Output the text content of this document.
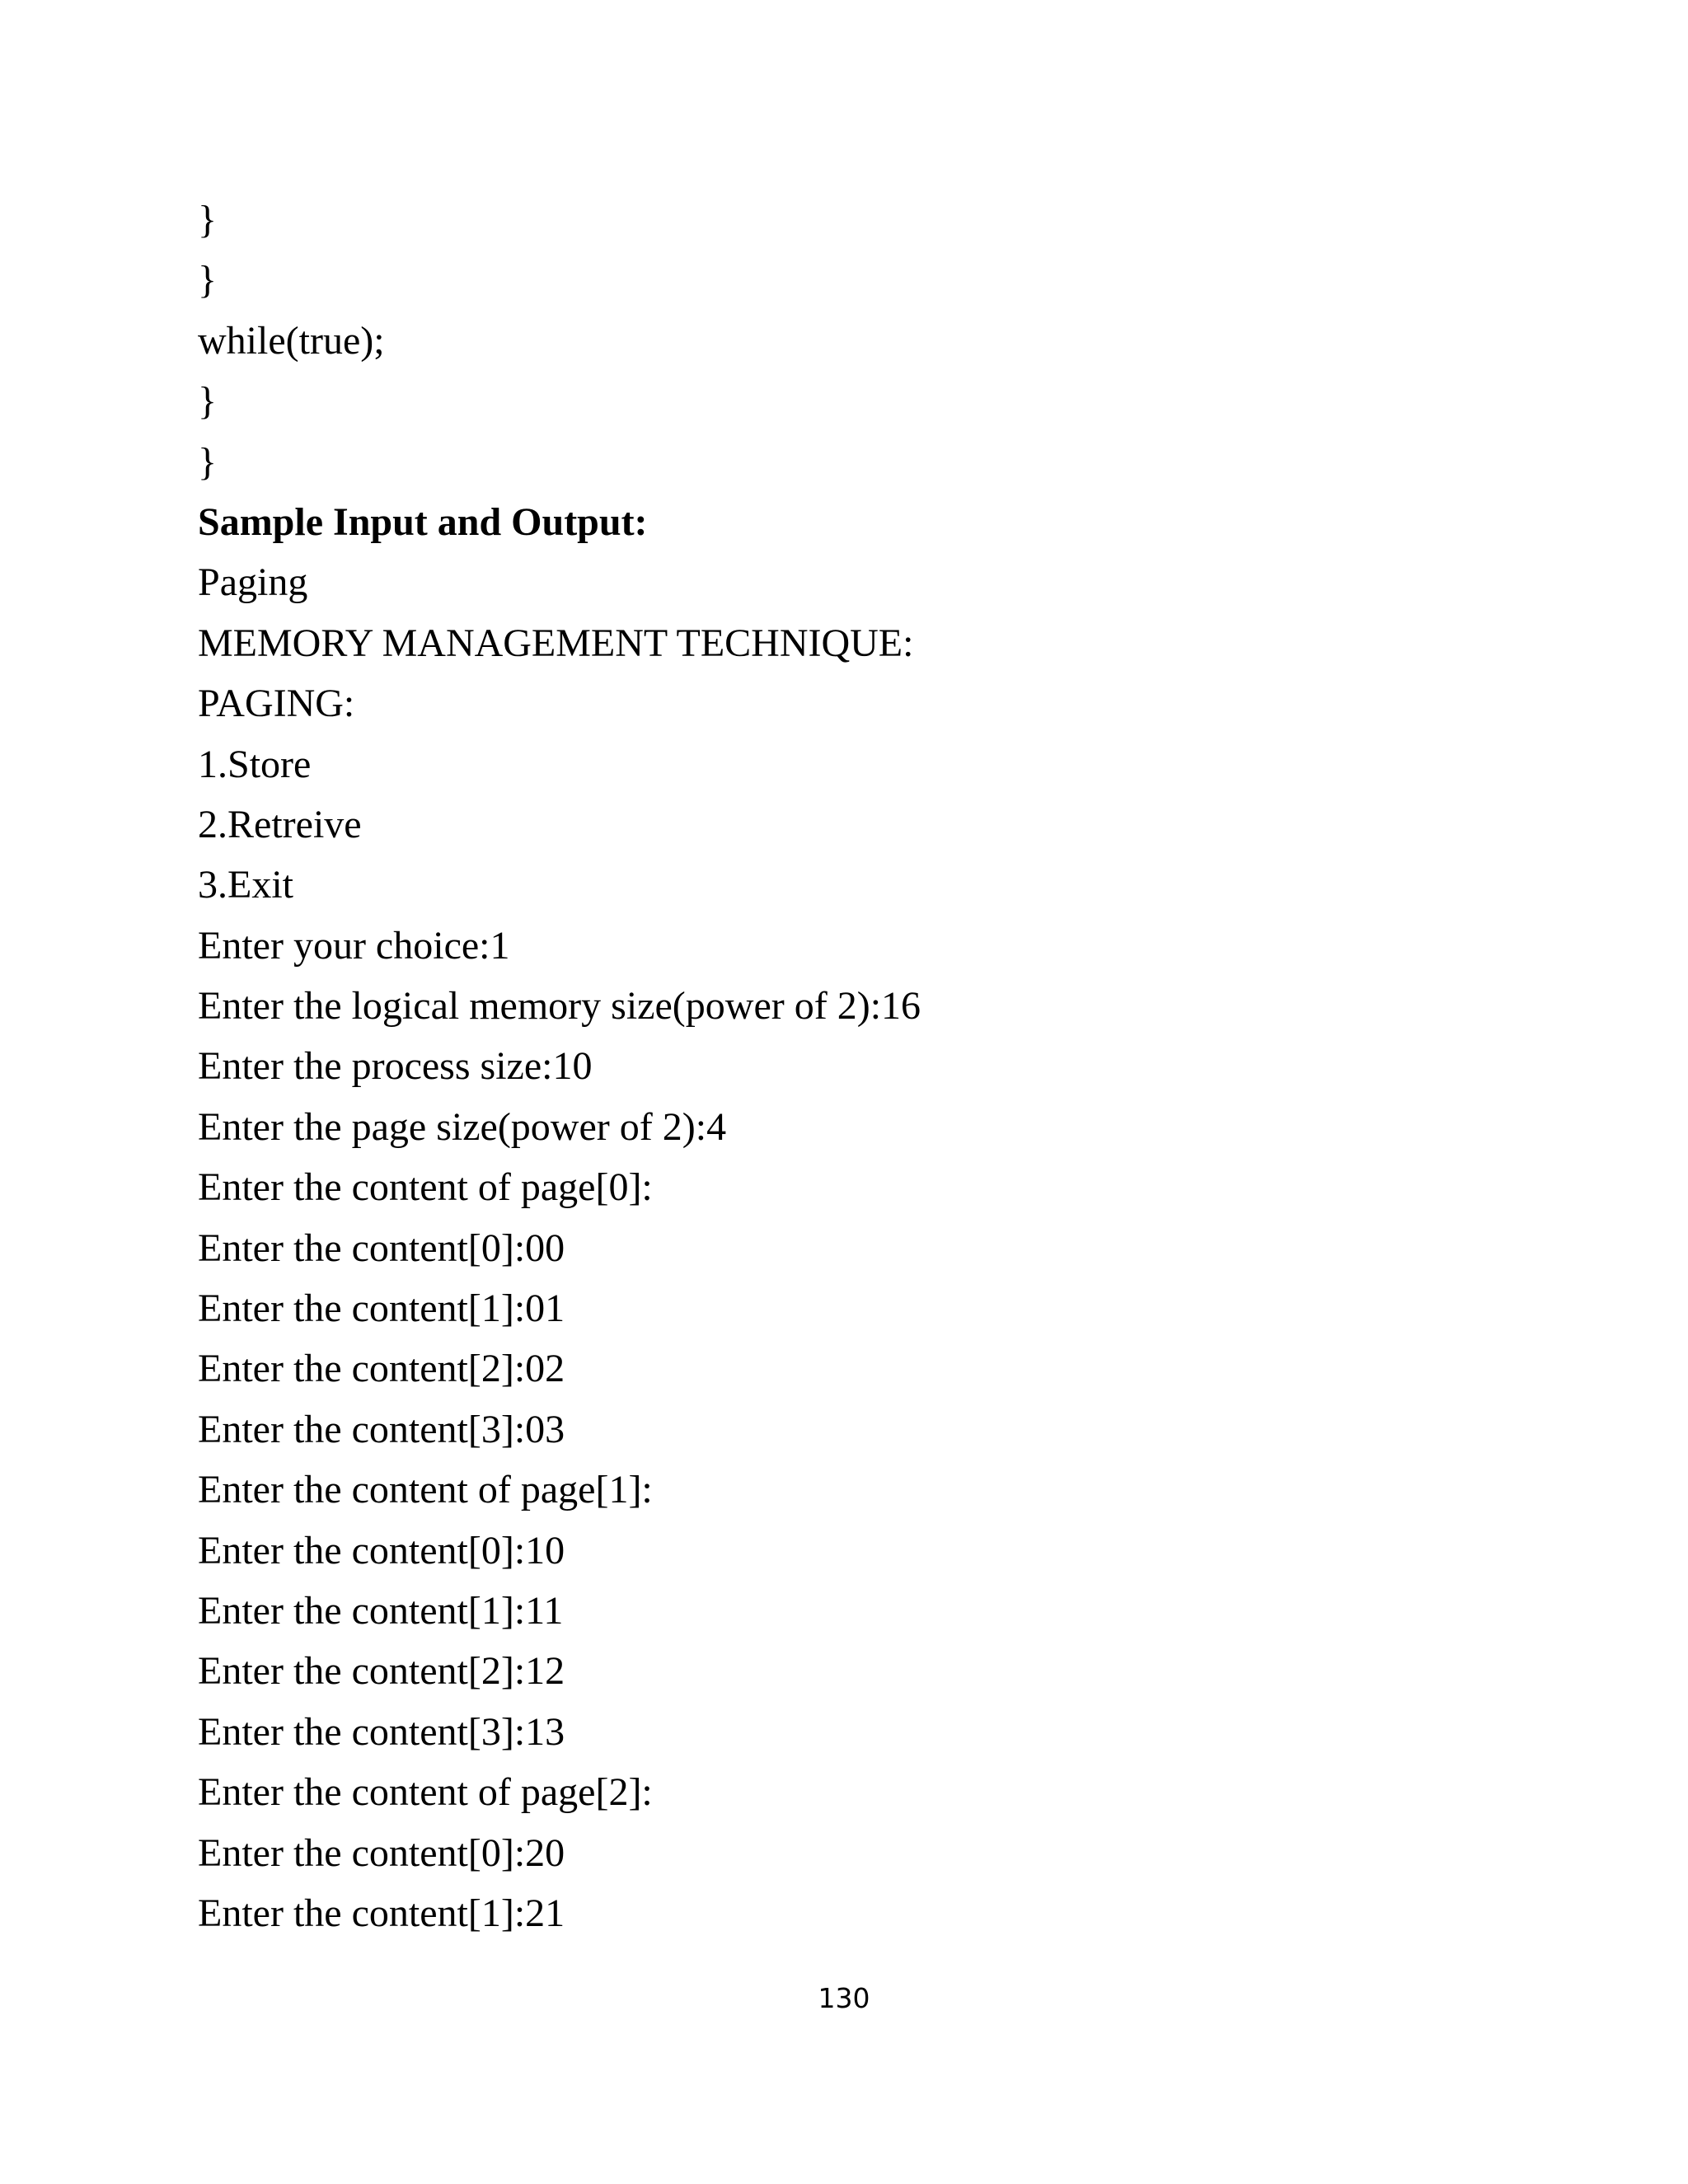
}
}
while(true);
}
}
Sample Input and Output:
Paging
MEMORY MANAGEMENT TECHNIQUE:
PAGING:
1.Store
2.Retreive
3.Exit
Enter your choice:1
Enter the logical memory size(power of 2):16
Enter the process size:10
Enter the page size(power of 2):4
Enter the content of page[0]:
Enter the content[0]:00
Enter the content[1]:01
Enter the content[2]:02
Enter the content[3]:03
Enter the content of page[1]:
Enter the content[0]:10
Enter the content[1]:11
Enter the content[2]:12
Enter the content[3]:13
Enter the content of page[2]:
Enter the content[0]:20
Enter the content[1]:21
130
